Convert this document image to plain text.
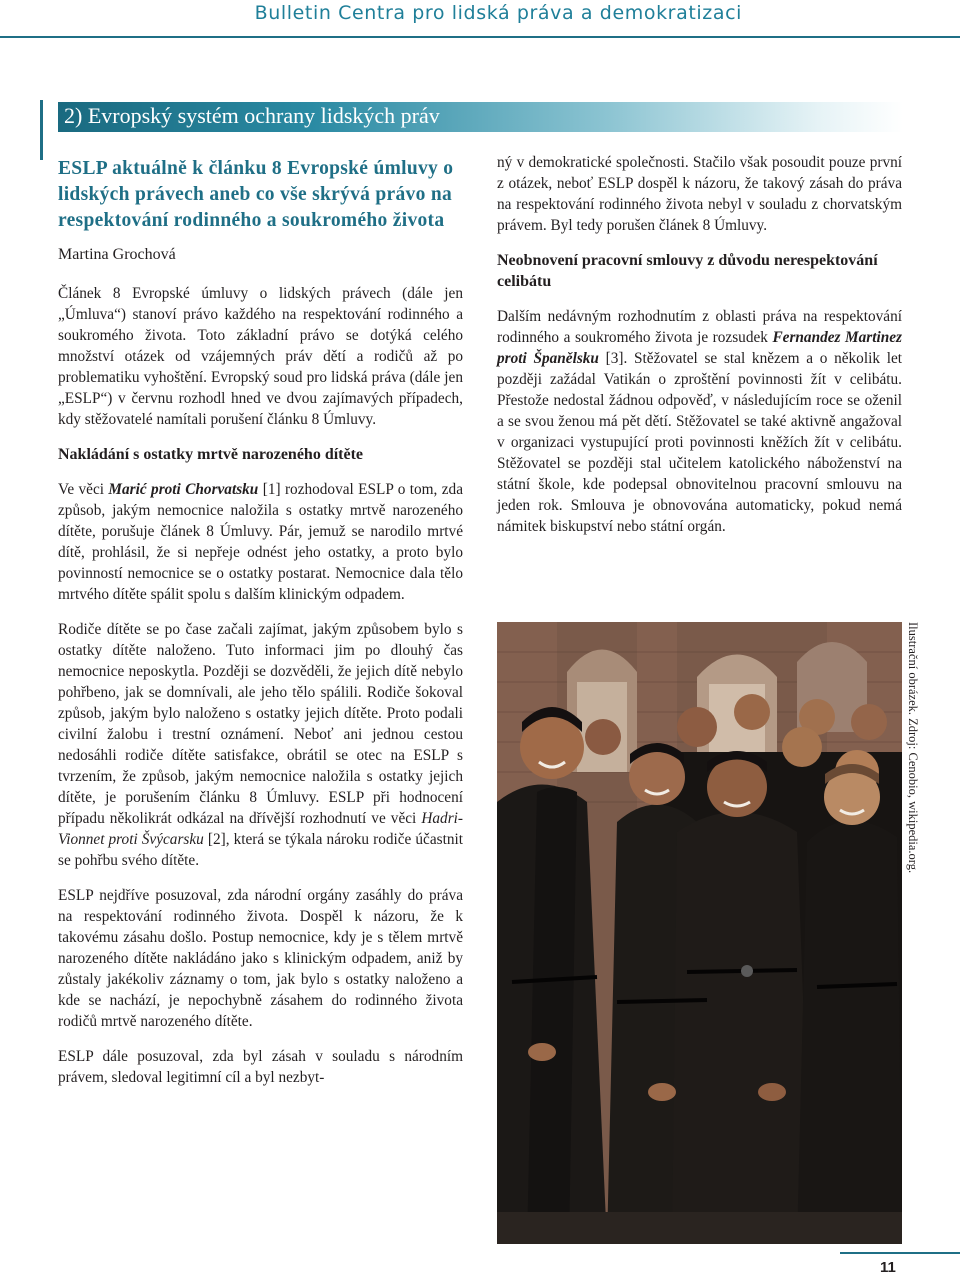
Bulletin Centra pro lidská práva a demokratizaci
2) Evropský systém ochrany lidských práv
ESLP aktuálně k článku 8 Evropské úmluvy o lidských právech aneb co vše skrývá právo na respektování rodinného a soukromého života
Martina Grochová

Článek 8 Evropské úmluvy o lidských právech (dále jen „Úmluva“) stanoví právo každého na respektování rodinného a soukromého života. Toto základní právo se dotýká celého množství otázek od vzájemných práv dětí a rodičů až po problematiku vyhoštění. Evropský soud pro lidská práva (dále jen „ESLP“) v červnu rozhodl hned ve dvou zajímavých případech, kdy stěžovatelé namítali porušení článku 8 Úmluvy.

Nakládání s ostatky mrtvě narozeného dítěte

Ve věci Marić proti Chorvatsku [1] rozhodoval ESLP o tom, zda způsob, jakým nemocnice naložila s ostatky mrtvě narozeného dítěte, porušuje článek 8 Úmluvy. Pár, jemuž se narodilo mrtvé dítě, prohlásil, že si nepřeje odnést jeho ostatky, a proto bylo povinností nemocnice se o ostatky postarat. Nemocnice dala tělo mrtvého dítěte spálit spolu s dalším klinickým odpadem.

Rodiče dítěte se po čase začali zajímat, jakým způsobem bylo s ostatky dítěte naloženo. Tuto informaci jim po dlouhý čas nemocnice neposkytla. Později se dozvěděli, že jejich dítě nebylo pohřbeno, jak se domnívali, ale jeho tělo spálili. Rodiče šokoval způsob, jakým bylo naloženo s ostatky jejich dítěte. Proto podali civilní žalobu i trestní oznámení. Neboť ani jednou cestou nedosáhli rodiče dítěte satisfakce, obrátil se otec na ESLP s tvrzením, že způsob, jakým nemocnice naložila s ostatky jejich dítěte, je porušením článku 8 Úmluvy. ESLP při hodnocení případu několikrát odkázal na dřívější rozhodnutí ve věci Hadri-Vionnet proti Švýcarsku [2], která se týkala nároku rodiče účastnit se pohřbu svého dítěte.

ESLP nejdříve posuzoval, zda národní orgány zasáhly do práva na respektování rodinného života. Dospěl k názoru, že k takovému zásahu došlo. Postup nemocnice, kdy je s tělem mrtvě narozeného dítěte nakládáno jako s klinickým odpadem, aniž by zůstaly jakékoliv záznamy o tom, jak bylo s ostatky naloženo a kde se nachází, je nepochybně zásahem do rodinného života rodičů mrtvě narozeného dítěte.

ESLP dále posuzoval, zda byl zásah v souladu s národním právem, sledoval legitimní cíl a byl nezbyt-

ný v demokratické společnosti. Stačilo však posoudit pouze první z otázek, neboť ESLP dospěl k názoru, že takový zásah do práva na respektování rodinného života nebyl v souladu z chorvatským právem. Byl tedy porušen článek 8 Úmluvy.

Neobnovení pracovní smlouvy z důvodu nerespektování celibátu

Dalším nedávným rozhodnutím z oblasti práva na respektování rodinného a soukromého života je rozsudek Fernandez Martinez proti Španělsku [3]. Stěžovatel se stal knězem a o několik let později zažádal Vatikán o zproštění povinnosti žít v celibátu. Přestože nedostal žádnou odpověď, v následujícím roce se oženil a se svou ženou má pět dětí. Stěžovatel se také aktivně angažoval v organizaci vystupující proti povinnosti kněžích žít v celibátu. Stěžovatel se později stal učitelem katolického náboženství na státní škole, kde podepsal obnovitelnou pracovní smlouvu na jeden rok. Smlouva je obnovována automaticky, pokud nemá námitek biskupství nebo státní orgán.

Ilustrační obrázek. Zdroj: Cenobio, wikipedia.org.
11
